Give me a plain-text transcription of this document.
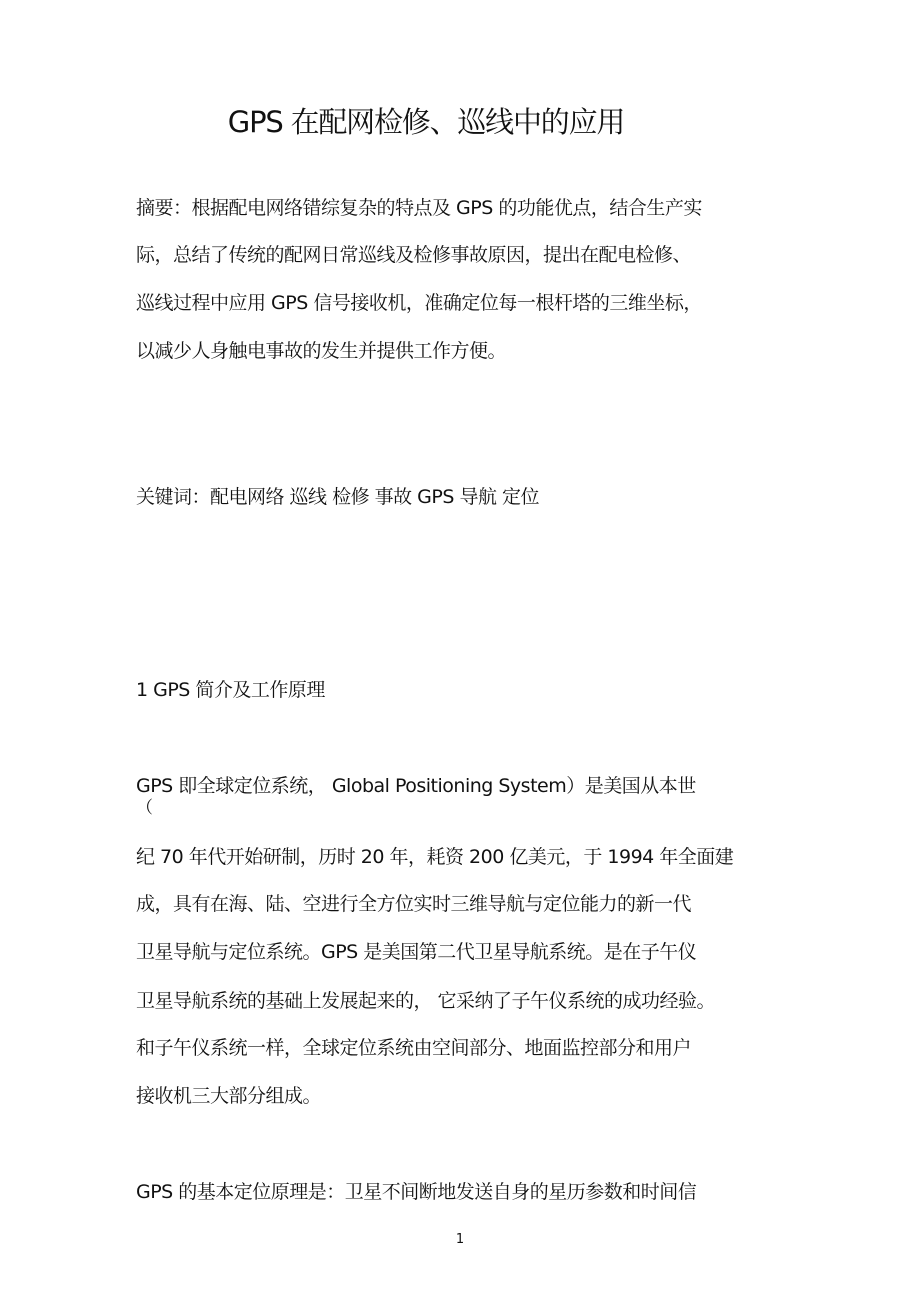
GPS 在配网检修、巡线中的应用
摘要：根据配电网络错综复杂的特点及 GPS 的功能优点，结合生产实
际，总结了传统的配网日常巡线及检修事故原因，提出在配电检修、
巡线过程中应用 GPS 信号接收机，准确定位每一根杆塔的三维坐标，
以减少人身触电事故的发生并提供工作方便。
关键词：配电网络 巡线 检修 事故 GPS 导航 定位
1 GPS 简介及工作原理
GPS 即全球定位系统， Global Positioning System）是美国从本世
（
纪 70 年代开始研制，历时 20 年，耗资 200 亿美元，于 1994 年全面建
成，具有在海、陆、空进行全方位实时三维导航与定位能力的新一代
卫星导航与定位系统。GPS 是美国第二代卫星导航系统。是在子午仪
卫星导航系统的基础上发展起来的， 它采纳了子午仪系统的成功经验。
和子午仪系统一样，全球定位系统由空间部分、地面监控部分和用户
接收机三大部分组成。
GPS 的基本定位原理是：卫星不间断地发送自身的星历参数和时间信
1
